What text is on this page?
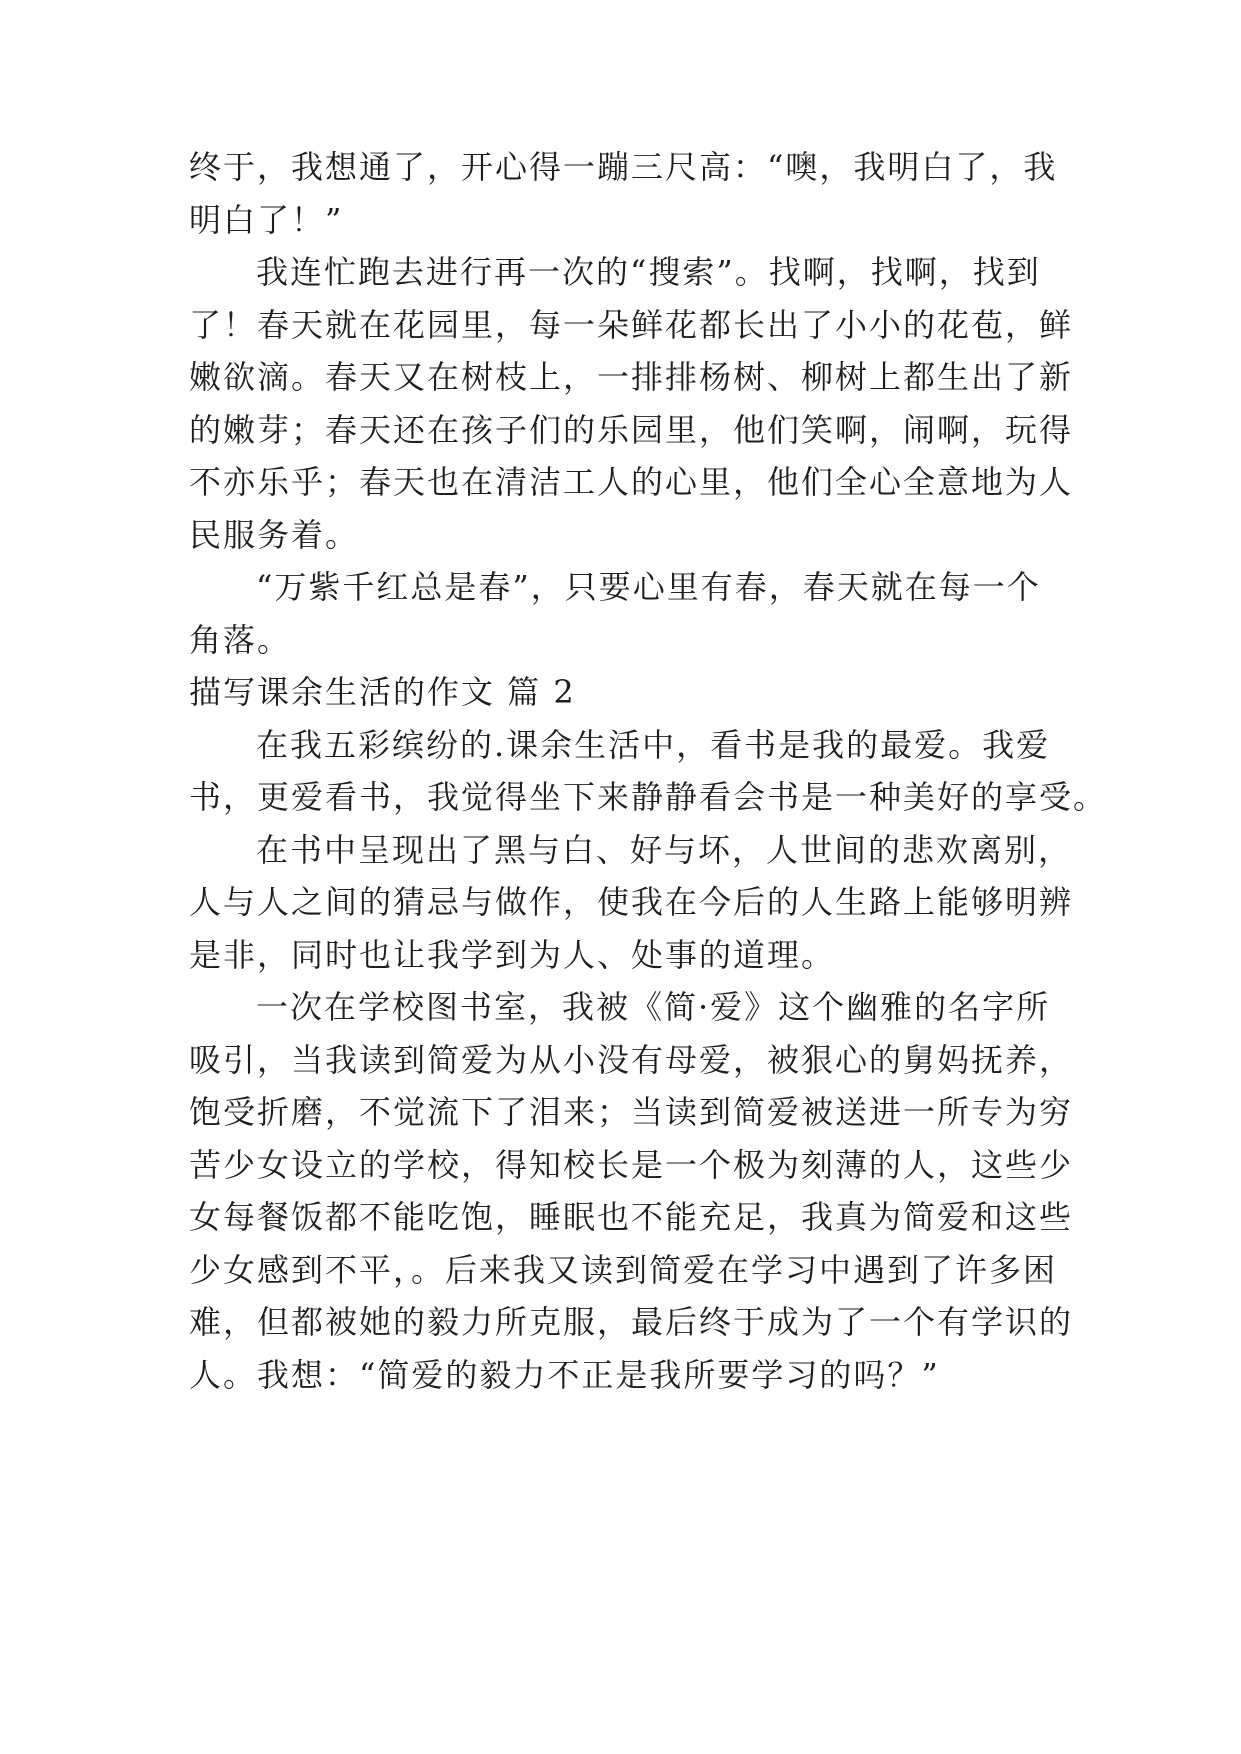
终于，我想通了，开心得一蹦三尺高：“噢，我明白了，我
明白了！”
我连忙跑去进行再一次的“搜索”。找啊，找啊，找到
了！春天就在花园里，每一朵鲜花都长出了小小的花苞，鲜
嫩欲滴。春天又在树枝上，一排排杨树、柳树上都生出了新
的嫩芽；春天还在孩子们的乐园里，他们笑啊，闹啊，玩得
不亦乐乎；春天也在清洁工人的心里，他们全心全意地为人
民服务着。
“万紫千红总是春”，只要心里有春，春天就在每一个
角落。
描写课余生活的作文 篇 2
在我五彩缤纷的.课余生活中，看书是我的最爱。我爱
书，更爱看书，我觉得坐下来静静看会书是一种美好的享受。
在书中呈现出了黑与白、好与坏，人世间的悲欢离别，
人与人之间的猜忌与做作，使我在今后的人生路上能够明辨
是非，同时也让我学到为人、处事的道理。
一次在学校图书室，我被《简·爱》这个幽雅的名字所
吸引，当我读到简爱为从小没有母爱，被狠心的舅妈抚养，
饱受折磨，不觉流下了泪来；当读到简爱被送进一所专为穷
苦少女设立的学校，得知校长是一个极为刻薄的人，这些少
女每餐饭都不能吃饱，睡眠也不能充足，我真为简爱和这些
少女感到不平，。后来我又读到简爱在学习中遇到了许多困
难，但都被她的毅力所克服，最后终于成为了一个有学识的
人。我想：“简爱的毅力不正是我所要学习的吗？”
